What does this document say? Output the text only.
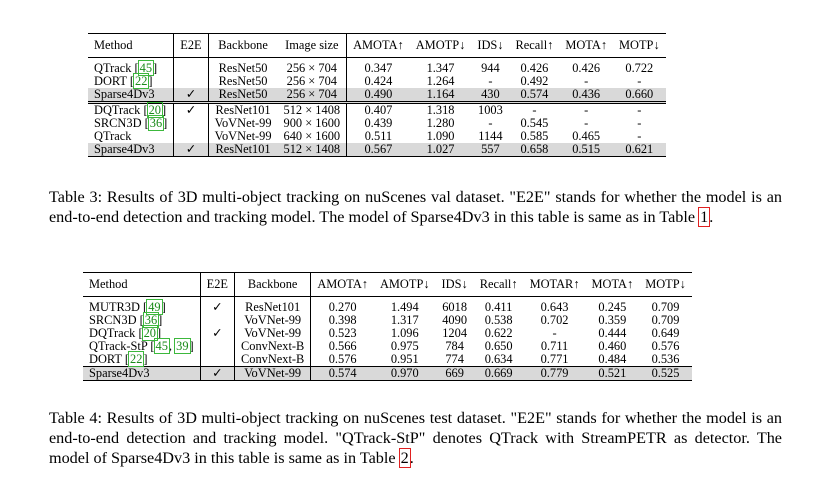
Method	E2E	Backbone	Image size	AMOTA↑	AMOTP↓	IDS↓	Recall↑	MOTA↑	MOTP↓
QTrack [45]		ResNet50	256 × 704	0.347	1.347	944	0.426	0.426	0.722
DORT [22]		ResNet50	256 × 704	0.424	1.264	-	0.492	-	-
Sparse4Dv3	✓	ResNet50	256 × 704	0.490	1.164	430	0.574	0.436	0.660
DQTrack [20]	✓	ResNet101	512 × 1408	0.407	1.318	1003	-	-	-
SRCN3D [36]		VoVNet-99	900 × 1600	0.439	1.280	-	0.545	-	-
QTrack		VoVNet-99	640 × 1600	0.511	1.090	1144	0.585	0.465	-
Sparse4Dv3	✓	ResNet101	512 × 1408	0.567	1.027	557	0.658	0.515	0.621
Table 3: Results of 3D multi-object tracking on nuScenes val dataset. "E2E" stands for whether the model is an end-to-end detection and tracking model. The model of Sparse4Dv3 in this table is same as in Table 1.
Method	E2E	Backbone	AMOTA↑	AMOTP↓	IDS↓	Recall↑	MOTAR↑	MOTA↑	MOTP↓
MUTR3D [49]	✓	ResNet101	0.270	1.494	6018	0.411	0.643	0.245	0.709
SRCN3D [36]		VoVNet-99	0.398	1.317	4090	0.538	0.702	0.359	0.709
DQTrack [20]	✓	VoVNet-99	0.523	1.096	1204	0.622	-	0.444	0.649
QTrack-StP [45, 39]		ConvNext-B	0.566	0.975	784	0.650	0.711	0.460	0.576
DORT [22]		ConvNext-B	0.576	0.951	774	0.634	0.771	0.484	0.536
Sparse4Dv3	✓	VoVNet-99	0.574	0.970	669	0.669	0.779	0.521	0.525
Table 4: Results of 3D multi-object tracking on nuScenes test dataset. "E2E" stands for whether the model is an end-to-end detection and tracking model. "QTrack-StP" denotes QTrack with StreamPETR as detector. The model of Sparse4Dv3 in this table is same as in Table 2.
